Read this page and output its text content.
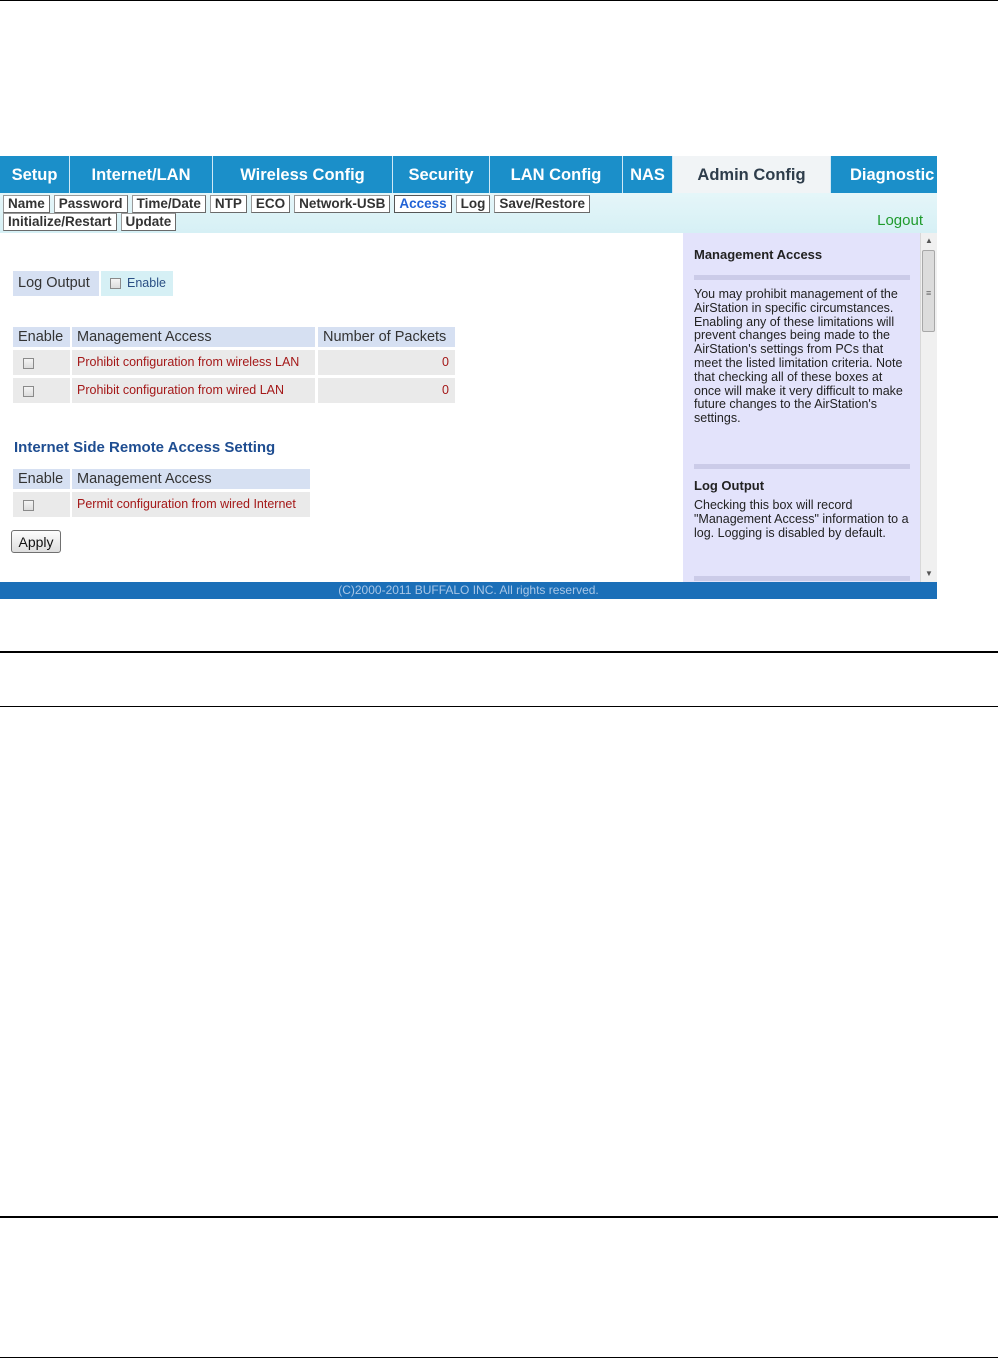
Setup	Internet/LAN	Wireless Config	Security	LAN Config	NAS	Admin Config	Diagnostic
Name	Password	Time/Date	NTP	ECO	Network-USB	Access	Log	Save/Restore
Initialize/Restart	Update	Logout
Log Output	Enable
Enable Management Access	Number of Packets
Prohibit configuration from wireless LAN	0
Prohibit configuration from wired LAN	0
Internet Side Remote Access Setting
Enable Management Access
Permit configuration from wired Internet
Apply
Management Access
You may prohibit management of the AirStation in specific circumstances. Enabling any of these limitations will prevent changes being made to the AirStation's settings from PCs that meet the listed limitation criteria. Note that checking all of these boxes at once will make it very difficult to make future changes to the AirStation's settings.
Log Output
Checking this box will record "Management Access" information to a log. Logging is disabled by default.
▲
≡
▼
(C)2000-2011 BUFFALO INC. All rights reserved.
